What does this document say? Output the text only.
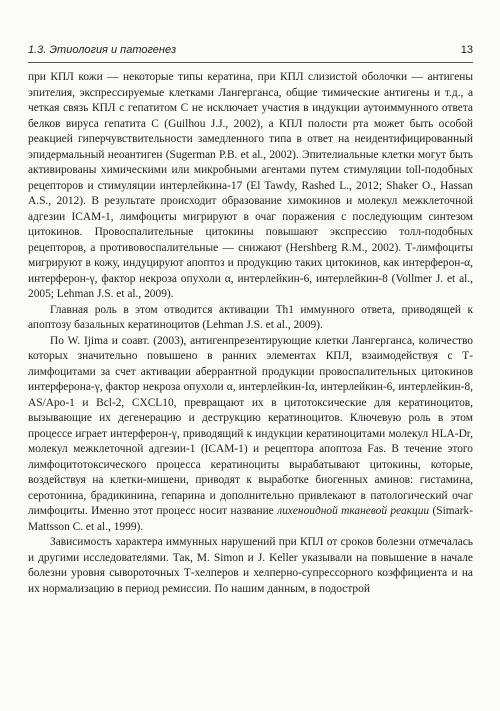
1.3. Этиология и патогенез	13

при КПЛ кожи — некоторые типы кератина, при КПЛ слизистой оболочки — антигены эпителия, экспрессируемые клетками Лангерганса, общие тимические антигены и т.д., а четкая связь КПЛ с гепатитом С не исключает участия в индукции аутоиммунного ответа белков вируса гепатита С (Guilhou J.J., 2002), а КПЛ полости рта может быть особой реакцией гиперчувствительности замедленного типа в ответ на неидентифицированный эпидермальный неоантиген (Sugerman P.B. et al., 2002). Эпителиальные клетки могут быть активированы химическими или микробными агентами путем стимуляции toll-подобных рецепторов и стимуляции интерлейкина-17 (El Tawdy, Rashed L., 2012; Shaker O., Hassan A.S., 2012). В результате происходит образование химокинов и молекул межклеточной адгезии ICAM-1, лимфоциты мигрируют в очаг поражения с последующим синтезом цитокинов. Провоспалительные цитокины повышают экспрессию толл-подобных рецепторов, а противовоспалительные — снижают (Hershberg R.M., 2002). Т-лимфоциты мигрируют в кожу, индуцируют апоптоз и продукцию таких цитокинов, как интерферон-α, интерферон-γ, фактор некроза опухоли α, интерлейкин-6, интерлейкин-8 (Vollmer J. et al., 2005; Lehman J.S. et al., 2009).

Главная роль в этом отводится активации Th1 иммунного ответа, приводящей к апоптозу базальных кератиноцитов (Lehman J.S. et al., 2009).

По W. Ijima и соавт. (2003), антигенпрезентирующие клетки Лангерганса, количество которых значительно повышено в ранних элементах КПЛ, взаимодействуя с Т-лимфоцитами за счет активации аберрантной продукции провоспалительных цитокинов интерферона-γ, фактор некроза опухоли α, интерлейкин-Iα, интерлейкин-6, интерлейкин-8, AS/Apo-1 и Bcl-2, CXCL10, превращают их в цитотоксические для кератиноцитов, вызывающие их дегенерацию и деструкцию кератиноцитов. Ключевую роль в этом процессе играет интерферон-γ, приводящий к индукции кератиноцитами молекул HLA-Dr, молекул межклеточной адгезии-1 (ICAM-1) и рецептора апоптоза Fas. В течение этого лимфоцитотоксического процесса кератиноциты вырабатывают цитокины, которые, воздействуя на клетки-мишени, приводят к выработке биогенных аминов: гистамина, серотонина, брадикинина, гепарина и дополнительно привлекают в патологический очаг лимфоциты. Именно этот процесс носит название лихеноидной тканевой реакции (Simark-Mattsson C. et al., 1999).

Зависимость характера иммунных нарушений при КПЛ от сроков болезни отмечалась и другими исследователями. Так, M. Simon и J. Keller указывали на повышение в начале болезни уровня сывороточных Т-хелперов и хелперно-супрессорного коэффициента и на их нормализацию в период ремиссии. По нашим данным, в подострой
